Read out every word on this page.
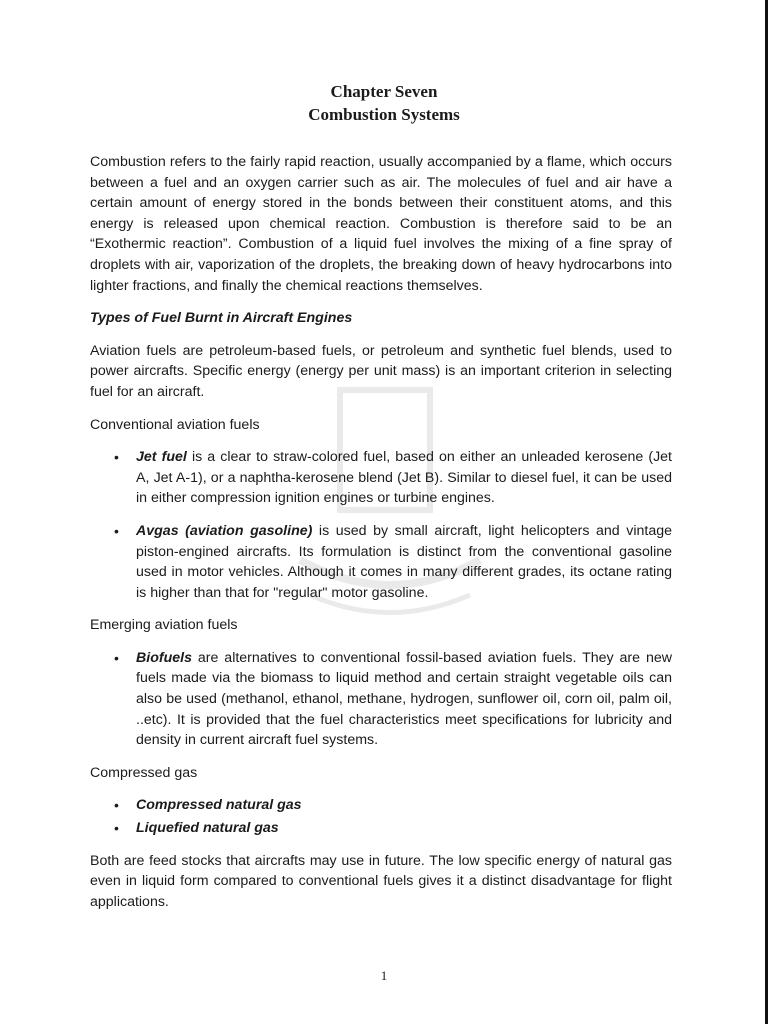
Chapter Seven
Combustion Systems

Combustion refers to the fairly rapid reaction, usually accompanied by a flame, which occurs between a fuel and an oxygen carrier such as air. The molecules of fuel and air have a certain amount of energy stored in the bonds between their constituent atoms, and this energy is released upon chemical reaction. Combustion is therefore said to be an “Exothermic reaction”. Combustion of a liquid fuel involves the mixing of a fine spray of droplets with air, vaporization of the droplets, the breaking down of heavy hydrocarbons into lighter fractions, and finally the chemical reactions themselves.

Types of Fuel Burnt in Aircraft Engines

Aviation fuels are petroleum-based fuels, or petroleum and synthetic fuel blends, used to power aircrafts. Specific energy (energy per unit mass) is an important criterion in selecting fuel for an aircraft.

Conventional aviation fuels
• Jet fuel is a clear to straw-colored fuel, based on either an unleaded kerosene (Jet A, Jet A-1), or a naphtha-kerosene blend (Jet B). Similar to diesel fuel, it can be used in either compression ignition engines or turbine engines.
• Avgas (aviation gasoline) is used by small aircraft, light helicopters and vintage piston-engined aircrafts. Its formulation is distinct from the conventional gasoline used in motor vehicles. Although it comes in many different grades, its octane rating is higher than that for "regular" motor gasoline.
Emerging aviation fuels
• Biofuels are alternatives to conventional fossil-based aviation fuels. They are new fuels made via the biomass to liquid method and certain straight vegetable oils can also be used (methanol, ethanol, methane, hydrogen, sunflower oil, corn oil, palm oil, ..etc). It is provided that the fuel characteristics meet specifications for lubricity and density in current aircraft fuel systems.
Compressed gas
• Compressed natural gas
• Liquefied natural gas

Both are feed stocks that aircrafts may use in future. The low specific energy of natural gas even in liquid form compared to conventional fuels gives it a distinct disadvantage for flight applications.

1
